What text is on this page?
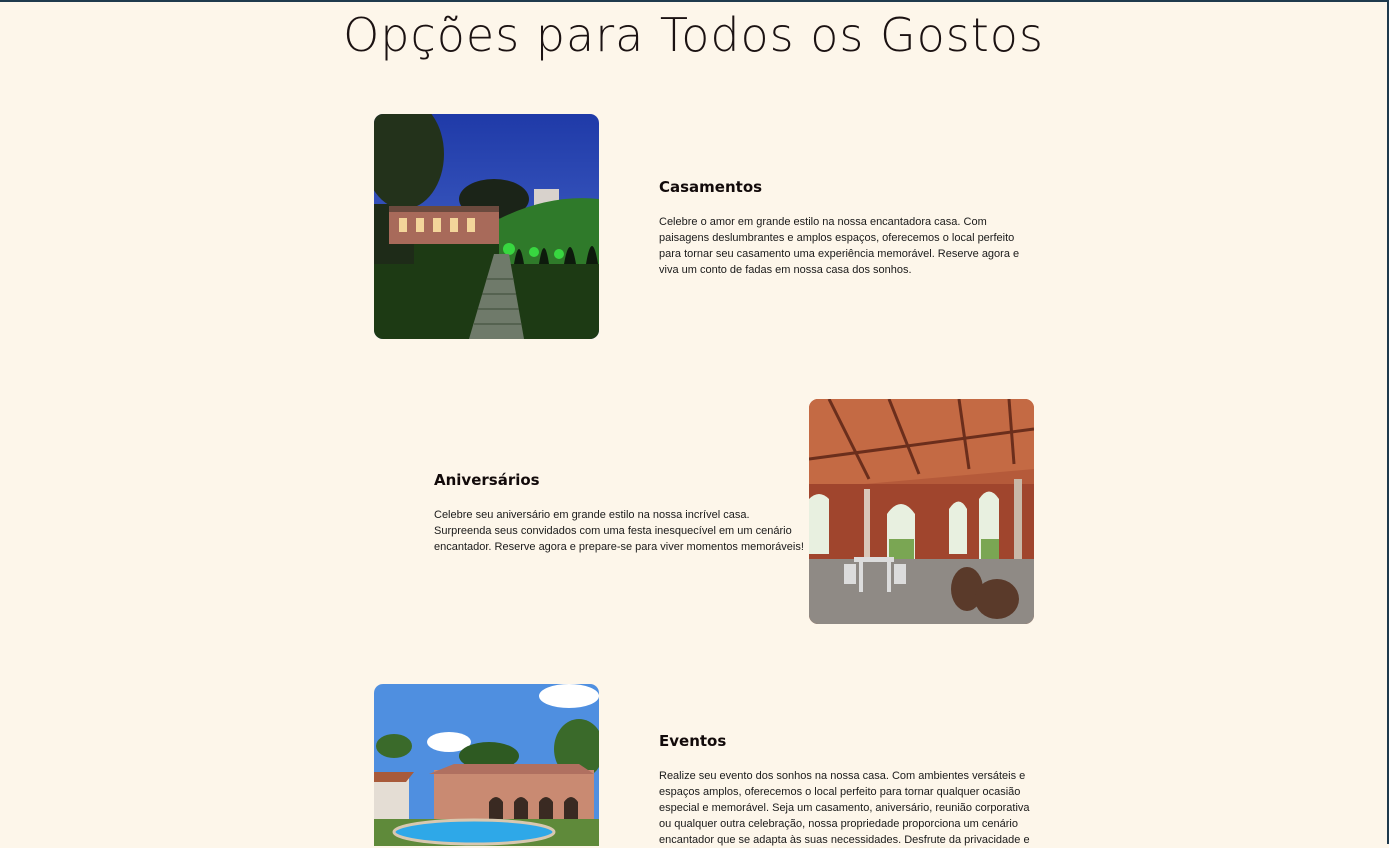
Opções para Todos os Gostos
Casamentos

Celebre o amor em grande estilo na nossa encantadora casa. Com paisagens deslumbrantes e amplos espaços, oferecemos o local perfeito para tornar seu casamento uma experiência memorável. Reserve agora e viva um conto de fadas em nossa casa dos sonhos.

Aniversários

Celebre seu aniversário em grande estilo na nossa incrível casa. Surpreenda seus convidados com uma festa inesquecível em um cenário encantador. Reserve agora e prepare-se para viver momentos memoráveis!

Eventos

Realize seu evento dos sonhos na nossa casa. Com ambientes versáteis e espaços amplos, oferecemos o local perfeito para tornar qualquer ocasião especial e memorável. Seja um casamento, aniversário, reunião corporativa ou qualquer outra celebração, nossa propriedade proporciona um cenário encantador que se adapta às suas necessidades. Desfrute da privacidade e
